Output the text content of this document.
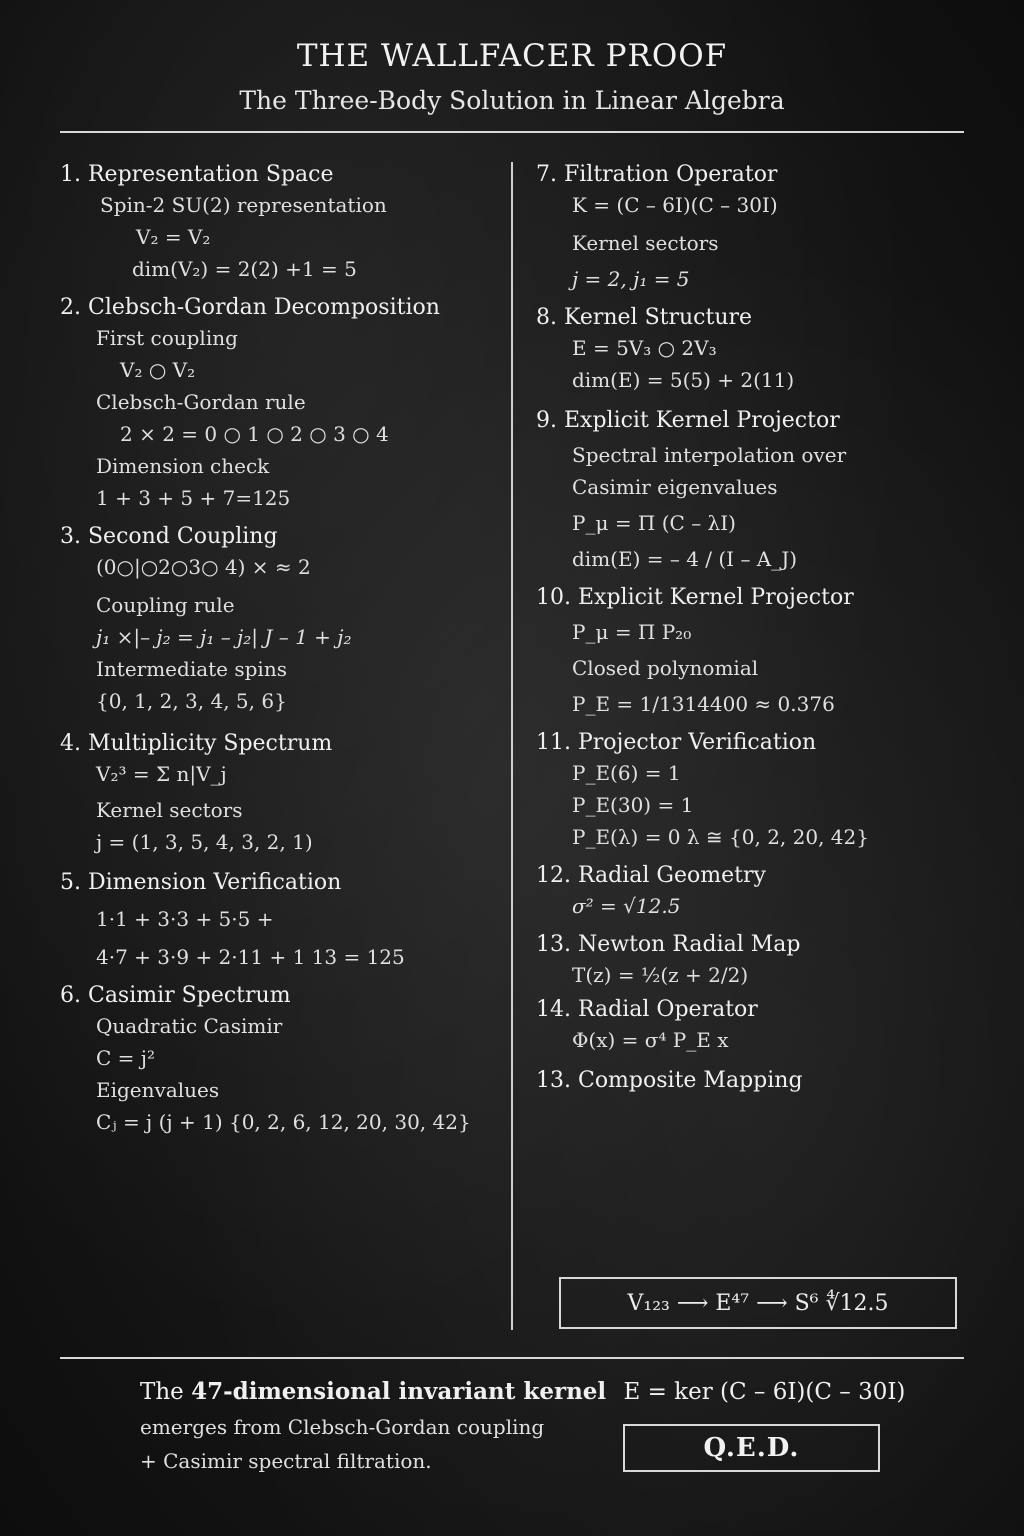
THE WALLFACER PROOF
The Three-Body Solution in Linear Algebra
1. Representation Space
Spin-2 SU(2) representation
V₂ = V₂
dim(V₂) = 2(2) +1 = 5
2. Clebsch-Gordan Decomposition
First coupling
V₂ ○ V₂
Clebsch-Gordan rule
2 × 2 = 0 ○ 1 ○ 2 ○ 3 ○ 4
Dimension check
1 + 3 + 5 + 7=125
3. Second Coupling
(0○|○2○3○ 4) × ≈ 2
Coupling rule
j₁ ×|– j₂ = j₁ – j₂| J – 1 + j₂
Intermediate spins
{0, 1, 2, 3, 4, 5, 6}
4. Multiplicity Spectrum
V₂³ = Σ n|V_j
Kernel sectors
j = (1, 3, 5, 4, 3, 2, 1)
5. Dimension Verification
1·1 + 3·3 + 5·5 +
4·7 + 3·9 + 2·11 + 1 13 = 125
6. Casimir Spectrum
Quadratic Casimir
C = j²
Eigenvalues
Cⱼ = j (j + 1) {0, 2, 6, 12, 20, 30, 42}
7. Filtration Operator
K = (C – 6I)(C – 30I)
Kernel sectors
j = 2, j₁ = 5
8. Kernel Structure
E = 5V₃ ○ 2V₃
dim(E) = 5(5) + 2(11)
9. Explicit Kernel Projector
Spectral interpolation over
Casimir eigenvalues
P_μ = Π (C – λI)
dim(E) = – 4 / (I – A_J)
10. Explicit Kernel Projector
P_μ = Π P₂₀
Closed polynomial
P_E = 1/1314400 ≈ 0.376
11. Projector Verification
P_E(6) = 1
P_E(30) = 1
P_E(λ) = 0 λ ≅ {0, 2, 20, 42}
12. Radial Geometry
σ² = √12.5
13. Newton Radial Map
T(z) = ½(z + 2/2)
14. Radial Operator
Φ(x) = σ⁴ P_E x
13. Composite Mapping
V₁₂₃ ⟶ E⁴⁷ ⟶ S⁶ ∜12.5
The 47-dimensional invariant kernel E = ker (C – 6I)(C – 30I)
emerges from Clebsch-Gordan coupling
+ Casimir spectral filtration.	Q.E.D.
